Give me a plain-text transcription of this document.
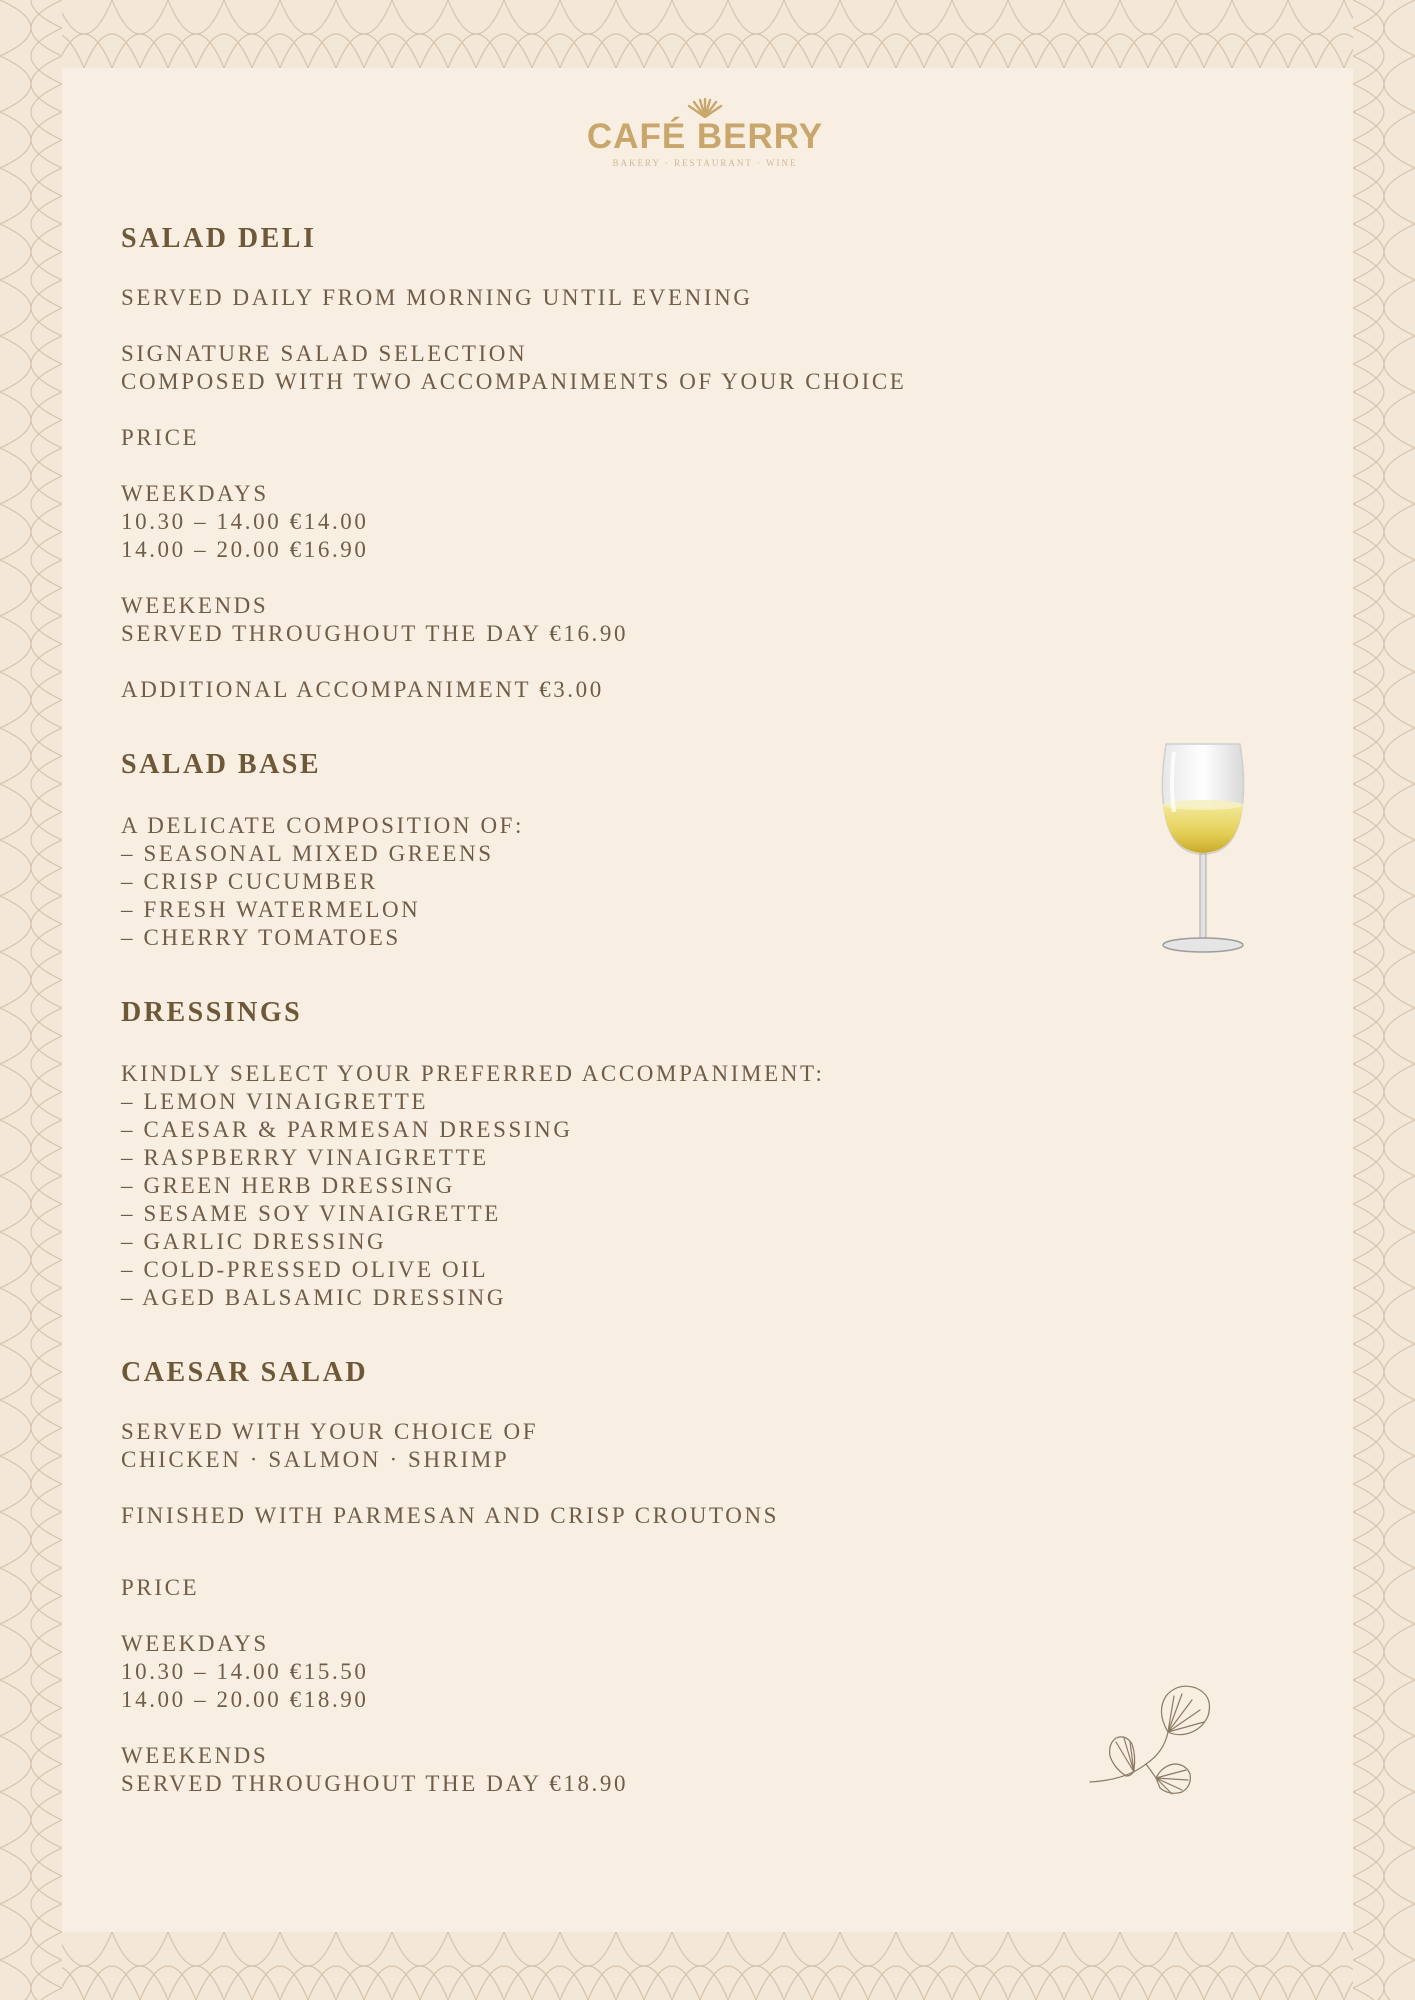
CAFÉ BERRY
BAKERY · RESTAURANT · WINE

SALAD DELI

SERVED DAILY FROM MORNING UNTIL EVENING

SIGNATURE SALAD SELECTION

COMPOSED WITH TWO ACCOMPANIMENTS OF YOUR CHOICE

PRICE

WEEKDAYS

10.30 – 14.00 €14.00

14.00 – 20.00 €16.90

WEEKENDS

SERVED THROUGHOUT THE DAY €16.90

ADDITIONAL ACCOMPANIMENT €3.00

SALAD BASE

A DELICATE COMPOSITION OF:

– SEASONAL MIXED GREENS

– CRISP CUCUMBER

– FRESH WATERMELON

– CHERRY TOMATOES

DRESSINGS

KINDLY SELECT YOUR PREFERRED ACCOMPANIMENT:

– LEMON VINAIGRETTE

– CAESAR & PARMESAN DRESSING

– RASPBERRY VINAIGRETTE

– GREEN HERB DRESSING

– SESAME SOY VINAIGRETTE

– GARLIC DRESSING

– COLD-PRESSED OLIVE OIL

– AGED BALSAMIC DRESSING

CAESAR SALAD

SERVED WITH YOUR CHOICE OF

CHICKEN · SALMON · SHRIMP

FINISHED WITH PARMESAN AND CRISP CROUTONS

PRICE

WEEKDAYS

10.30 – 14.00 €15.50

14.00 – 20.00 €18.90

WEEKENDS

SERVED THROUGHOUT THE DAY €18.90
